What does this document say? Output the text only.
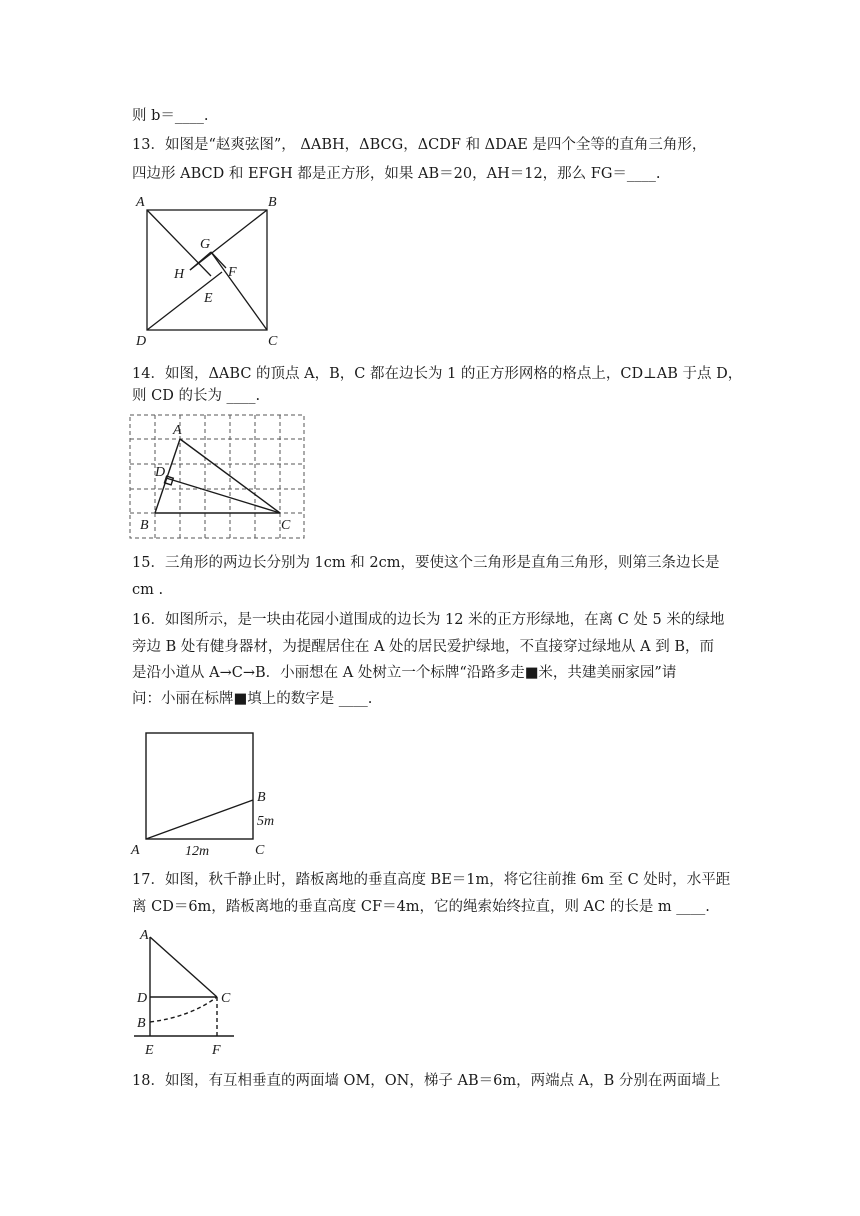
则 b＝____.
13．如图是“赵爽弦图”， ΔABH，ΔBCG，ΔCDF 和 ΔDAE 是四个全等的直角三角形，
四边形 ABCD 和 EFGH 都是正方形，如果 AB＝20，AH＝12，那么 FG＝____.
A	B
C
D
E
F
G
H
14．如图，ΔABC 的顶点 A，B，C 都在边长为 1 的正方形网格的格点上，CD⊥AB 于点 D，
则 CD 的长为 ____.
A
B	C
D
15．三角形的两边长分别为 1cm 和 2cm，要使这个三角形是直角三角形，则第三条边长是
cm .
16．如图所示，是一块由花园小道围成的边长为 12 米的正方形绿地，在离 C 处 5 米的绿地
旁边 B 处有健身器材，为提醒居住在 A 处的居民爱护绿地，不直接穿过绿地从 A 到 B，而
是沿小道从 A→C→B．小丽想在 A 处树立一个标牌“沿路多走■米，共建美丽家园”请
问：小丽在标牌■填上的数字是 ____.
A
B
C
12m
5m
17．如图，秋千静止时，踏板离地的垂直高度 BE＝1m，将它往前推 6m 至 C 处时，水平距
离 CD＝6m，踏板离地的垂直高度 CF＝4m，它的绳索始终拉直，则 AC 的长是 m ____.
A
D	C
B
E	F
18．如图，有互相垂直的两面墙 OM，ON，梯子 AB＝6m，两端点 A，B 分别在两面墙上
